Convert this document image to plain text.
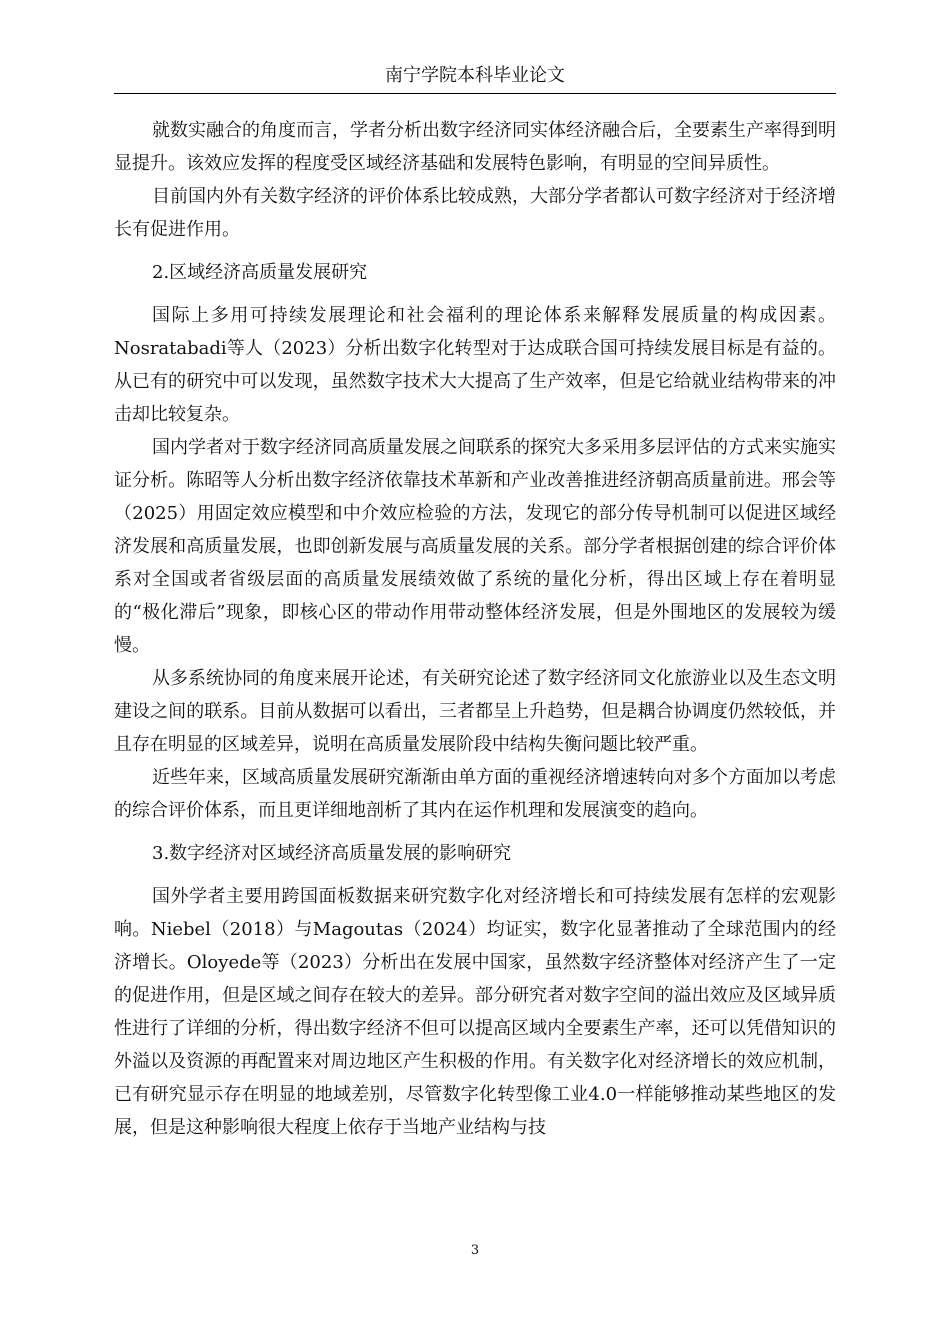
南宁学院本科毕业论文

就数实融合的角度而言，学者分析出数字经济同实体经济融合后，全要素生产率得到明显提升。该效应发挥的程度受区域经济基础和发展特色影响，有明显的空间异质性。

目前国内外有关数字经济的评价体系比较成熟，大部分学者都认可数字经济对于经济增长有促进作用。

2.区域经济高质量发展研究

国际上多用可持续发展理论和社会福利的理论体系来解释发展质量的构成因素。Nosratabadi等人（2023）分析出数字化转型对于达成联合国可持续发展目标是有益的。从已有的研究中可以发现，虽然数字技术大大提高了生产效率，但是它给就业结构带来的冲击却比较复杂。

国内学者对于数字经济同高质量发展之间联系的探究大多采用多层评估的方式来实施实证分析。陈昭等人分析出数字经济依靠技术革新和产业改善推进经济朝高质量前进。邢会等（2025）用固定效应模型和中介效应检验的方法，发现它的部分传导机制可以促进区域经济发展和高质量发展，也即创新发展与高质量发展的关系。部分学者根据创建的综合评价体系对全国或者省级层面的高质量发展绩效做了系统的量化分析，得出区域上存在着明显的“极化滞后”现象，即核心区的带动作用带动整体经济发展，但是外围地区的发展较为缓慢。

从多系统协同的角度来展开论述，有关研究论述了数字经济同文化旅游业以及生态文明建设之间的联系。目前从数据可以看出，三者都呈上升趋势，但是耦合协调度仍然较低，并且存在明显的区域差异，说明在高质量发展阶段中结构失衡问题比较严重。

近些年来，区域高质量发展研究渐渐由单方面的重视经济增速转向对多个方面加以考虑的综合评价体系，而且更详细地剖析了其内在运作机理和发展演变的趋向。

3.数字经济对区域经济高质量发展的影响研究

国外学者主要用跨国面板数据来研究数字化对经济增长和可持续发展有怎样的宏观影响。Niebel（2018）与Magoutas（2024）均证实，数字化显著推动了全球范围内的经济增长。Oloyede等（2023）分析出在发展中国家，虽然数字经济整体对经济产生了一定的促进作用，但是区域之间存在较大的差异。部分研究者对数字空间的溢出效应及区域异质性进行了详细的分析，得出数字经济不但可以提高区域内全要素生产率，还可以凭借知识的外溢以及资源的再配置来对周边地区产生积极的作用。有关数字化对经济增长的效应机制，已有研究显示存在明显的地域差别，尽管数字化转型像工业4.0一样能够推动某些地区的发展，但是这种影响很大程度上依存于当地产业结构与技

3
